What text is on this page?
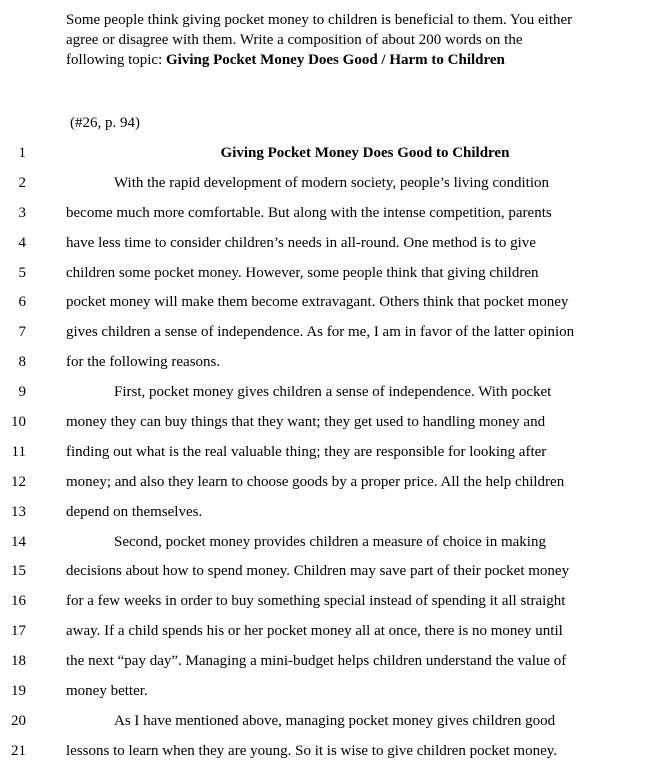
Some people think giving pocket money to children is beneficial to them. You either
agree or disagree with them. Write a composition of about 200 words on the
following topic: Giving Pocket Money Does Good / Harm to Children
(#26, p. 94)
1	Giving Pocket Money Does Good to Children
2	With the rapid development of modern society, people’s living condition
3	become much more comfortable. But along with the intense competition, parents
4	have less time to consider children’s needs in all-round. One method is to give
5	children some pocket money. However, some people think that giving children
6	pocket money will make them become extravagant. Others think that pocket money
7	gives children a sense of independence. As for me, I am in favor of the latter opinion
8	for the following reasons.
9	First, pocket money gives children a sense of independence. With pocket
10	money they can buy things that they want; they get used to handling money and
11	finding out what is the real valuable thing; they are responsible for looking after
12	money; and also they learn to choose goods by a proper price. All the help children
13	depend on themselves.
14	Second, pocket money provides children a measure of choice in making
15	decisions about how to spend money. Children may save part of their pocket money
16	for a few weeks in order to buy something special instead of spending it all straight
17	away. If a child spends his or her pocket money all at once, there is no money until
18	the next “pay day”. Managing a mini-budget helps children understand the value of
19	money better.
20	As I have mentioned above, managing pocket money gives children good
21	lessons to learn when they are young. So it is wise to give children pocket money.
